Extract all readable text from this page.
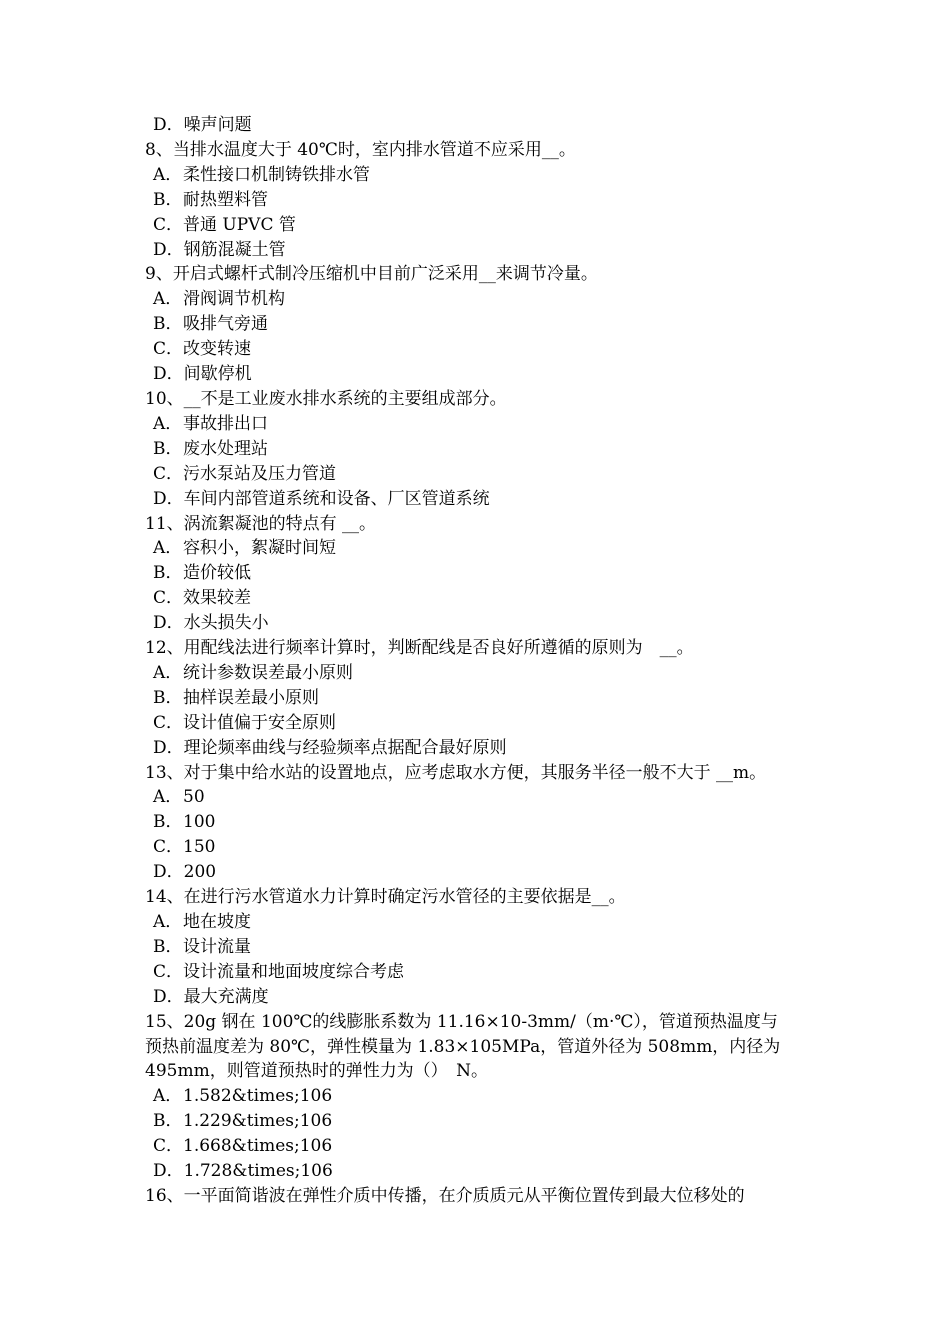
D．噪声问题
8、当排水温度大于 40℃时，室内排水管道不应采用__。
A．柔性接口机制铸铁排水管
B．耐热塑料管
C．普通 UPVC 管
D．钢筋混凝土管
9、开启式螺杆式制冷压缩机中目前广泛采用__来调节冷量。
A．滑阀调节机构
B．吸排气旁通
C．改变转速
D．间歇停机
10、__不是工业废水排水系统的主要组成部分。
A．事故排出口
B．废水处理站
C．污水泵站及压力管道
D．车间内部管道系统和设备、厂区管道系统
11、涡流絮凝池的特点有 __。
A．容积小，絮凝时间短
B．造价较低
C．效果较差
D．水头损失小
12、用配线法进行频率计算时，判断配线是否良好所遵循的原则为　__。
A．统计参数误差最小原则
B．抽样误差最小原则
C．设计值偏于安全原则
D．理论频率曲线与经验频率点据配合最好原则
13、对于集中给水站的设置地点，应考虑取水方便，其服务半径一般不大于 __m。
A．50
B．100
C．150
D．200
14、在进行污水管道水力计算时确定污水管径的主要依据是__。
A．地在坡度
B．设计流量
C．设计流量和地面坡度综合考虑
D．最大充满度
15、20g 钢在 100℃的线膨胀系数为 11.16×10-3mm/（m·℃），管道预热温度与
预热前温度差为 80℃，弹性模量为 1.83×105MPa，管道外径为 508mm，内径为
495mm，则管道预热时的弹性力为（）　N。
A．1.582&times;106
B．1.229&times;106
C．1.668&times;106
D．1.728&times;106
16、一平面简谐波在弹性介质中传播，在介质质元从平衡位置传到最大位移处的
